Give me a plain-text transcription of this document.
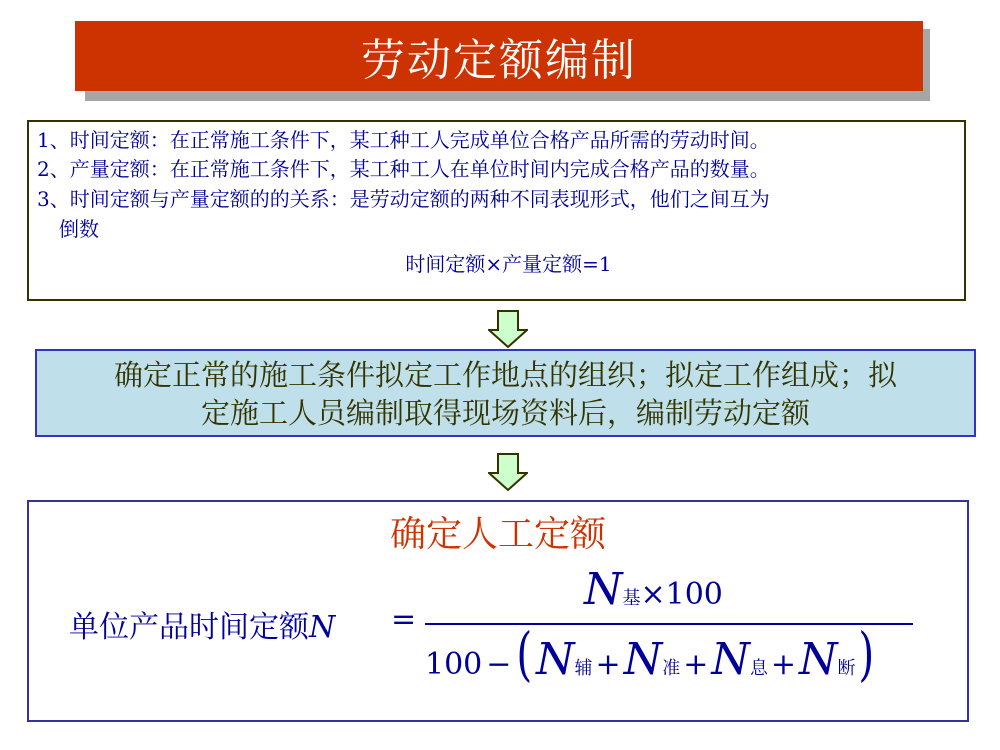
劳动定额编制
1、时间定额：在正常施工条件下，某工种工人完成单位合格产品所需的劳动时间。
2、产量定额：在正常施工条件下，某工种工人在单位时间内完成合格产品的数量。
3、时间定额与产量定额的的关系：是劳动定额的两种不同表现形式，他们之间互为
倒数
时间定额×产量定额=1
确定正常的施工条件拟定工作地点的组织；拟定工作组成；拟
定施工人员编制取得现场资料后，编制劳动定额
确定人工定额
单位产品时间定额N =
N基×100
100 − ( N 辅 + N 准 + N 息 + N 断 )
